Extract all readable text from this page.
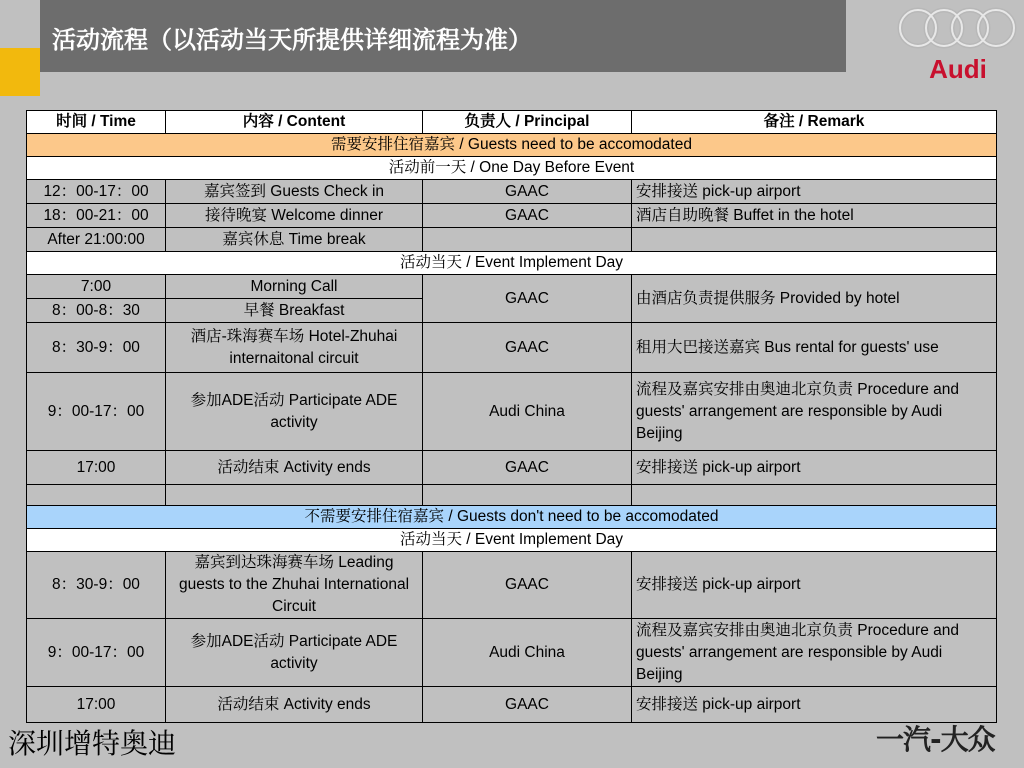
活动流程（以活动当天所提供详细流程为准）
Audi
时间 / Time	内容 / Content	负责人 / Principal	备注 / Remark
需要安排住宿嘉宾 / Guests need to be accomodated			
活动前一天 / One Day Before Event			
12：00-17：00	嘉宾签到 Guests Check in	GAAC	安排接送 pick-up airport
18：00-21：00	接待晚宴 Welcome dinner	GAAC	酒店自助晚餐 Buffet in the hotel
After 21:00:00	嘉宾休息 Time break		
活动当天 / Event Implement Day			
7:00	Morning Call	GAAC	由酒店负责提供服务 Provided by hotel
8：00-8：30	早餐 Breakfast		
8：30-9：00	酒店-珠海赛车场 Hotel-Zhuhai internaitonal circuit	GAAC	租用大巴接送嘉宾 Bus rental for guests' use
9：00-17：00	参加ADE活动 Participate ADE activity	Audi China	流程及嘉宾安排由奥迪北京负责 Procedure and guests' arrangement are responsible by Audi Beijing
17:00	活动结束 Activity ends	GAAC	安排接送 pick-up airport

不需要安排住宿嘉宾 / Guests don't need to be accomodated			
活动当天 / Event Implement Day			
8：30-9：00	嘉宾到达珠海赛车场 Leading guests to the Zhuhai International Circuit	GAAC	安排接送 pick-up airport
9：00-17：00	参加ADE活动 Participate ADE activity	Audi China	流程及嘉宾安排由奥迪北京负责 Procedure and guests' arrangement are responsible by Audi Beijing
17:00	活动结束 Activity ends	GAAC	安排接送 pick-up airport
深圳增特奥迪	一汽-大众
